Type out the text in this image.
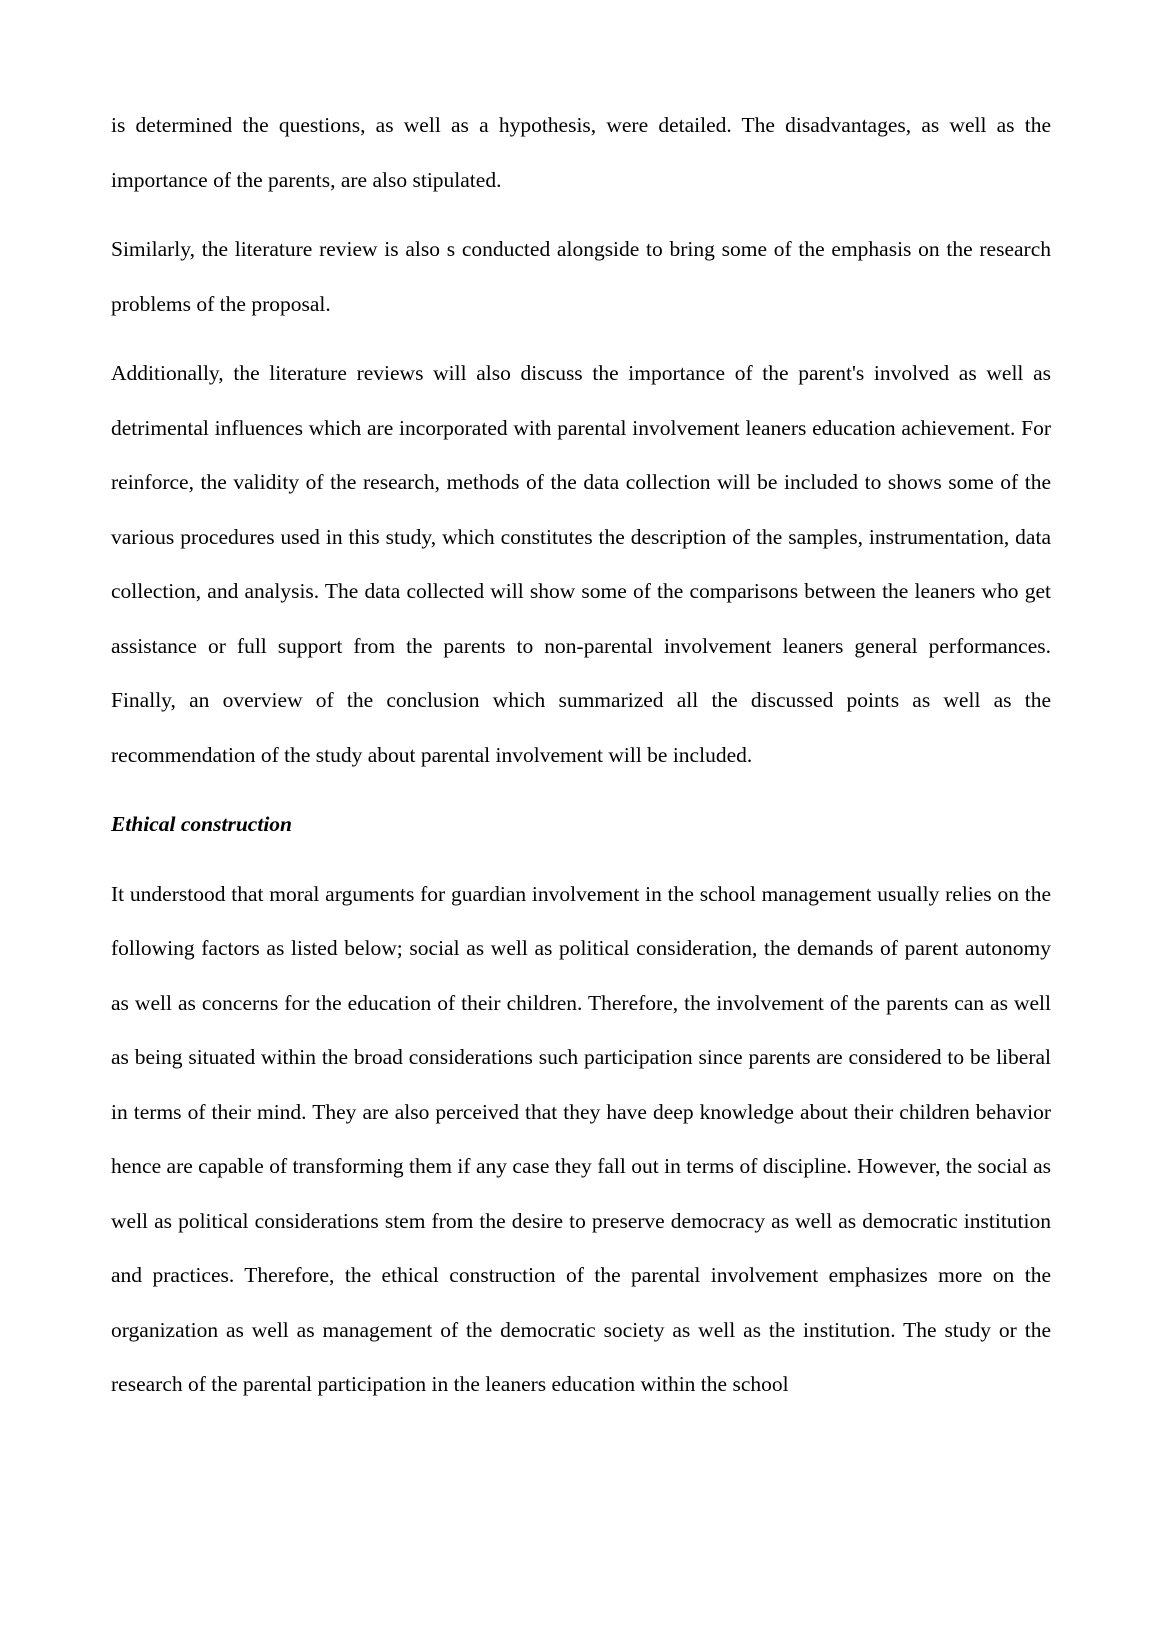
is determined the questions, as well as a hypothesis, were detailed. The disadvantages, as well as the importance of the parents, are also stipulated.

Similarly, the literature review is also s conducted alongside to bring some of the emphasis on the research problems of the proposal.

Additionally, the literature reviews will also discuss the importance of the parent's involved as well as detrimental influences which are incorporated with parental involvement leaners education achievement. For reinforce, the validity of the research, methods of the data collection will be included to shows some of the various procedures used in this study, which constitutes the description of the samples, instrumentation, data collection, and analysis. The data collected will show some of the comparisons between the leaners who get assistance or full support from the parents to non-parental involvement leaners general performances. Finally, an overview of the conclusion which summarized all the discussed points as well as the recommendation of the study about parental involvement will be included.

Ethical construction

It understood that moral arguments for guardian involvement in the school management usually relies on the following factors as listed below; social as well as political consideration, the demands of parent autonomy as well as concerns for the education of their children. Therefore, the involvement of the parents can as well as being situated within the broad considerations such participation since parents are considered to be liberal in terms of their mind. They are also perceived that they have deep knowledge about their children behavior hence are capable of transforming them if any case they fall out in terms of discipline. However, the social as well as political considerations stem from the desire to preserve democracy as well as democratic institution and practices. Therefore, the ethical construction of the parental involvement emphasizes more on the organization as well as management of the democratic society as well as the institution. The study or the research of the parental participation in the leaners education within the school
